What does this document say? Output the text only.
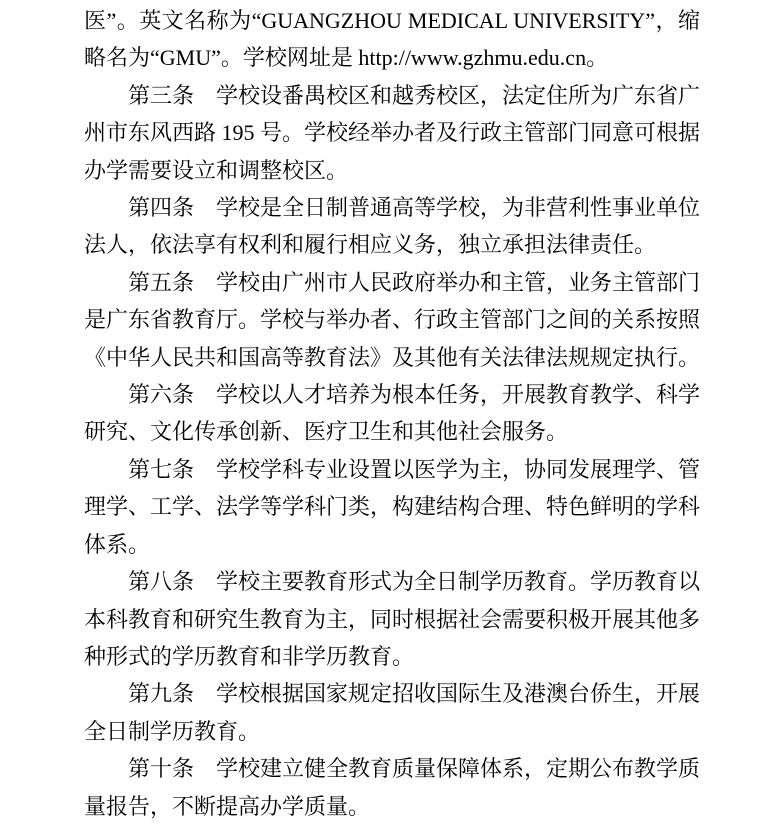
医”。英文名称为“GUANGZHOU MEDICAL UNIVERSITY”，缩略名为“GMU”。学校网址是 http://www.gzhmu.edu.cn。

　　第三条　学校设番禺校区和越秀校区，法定住所为广东省广州市东风西路 195 号。学校经举办者及行政主管部门同意可根据办学需要设立和调整校区。

　　第四条　学校是全日制普通高等学校，为非营利性事业单位法人，依法享有权利和履行相应义务，独立承担法律责任。

　　第五条　学校由广州市人民政府举办和主管，业务主管部门是广东省教育厅。学校与举办者、行政主管部门之间的关系按照《中华人民共和国高等教育法》及其他有关法律法规规定执行。

　　第六条　学校以人才培养为根本任务，开展教育教学、科学研究、文化传承创新、医疗卫生和其他社会服务。

　　第七条　学校学科专业设置以医学为主，协同发展理学、管理学、工学、法学等学科门类，构建结构合理、特色鲜明的学科体系。

　　第八条　学校主要教育形式为全日制学历教育。学历教育以本科教育和研究生教育为主，同时根据社会需要积极开展其他多种形式的学历教育和非学历教育。

　　第九条　学校根据国家规定招收国际生及港澳台侨生，开展全日制学历教育。

　　第十条　学校建立健全教育质量保障体系，定期公布教学质量报告，不断提高办学质量。
